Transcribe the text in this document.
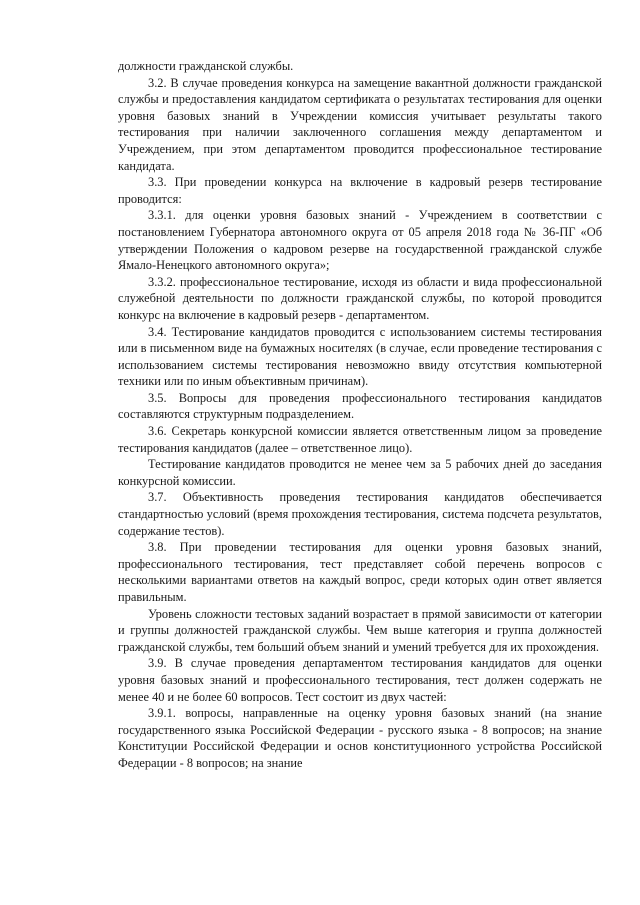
должности гражданской службы.

3.2. В случае проведения конкурса на замещение вакантной должности гражданской службы и предоставления кандидатом сертификата о результатах тестирования для оценки уровня базовых знаний в Учреждении комиссия учитывает результаты такого тестирования при наличии заключенного соглашения между департаментом и Учреждением, при этом департаментом проводится профессиональное тестирование кандидата.

3.3. При проведении конкурса на включение в кадровый резерв тестирование проводится:

3.3.1. для оценки уровня базовых знаний - Учреждением в соответствии с постановлением Губернатора автономного округа от 05 апреля 2018 года № 36-ПГ «Об утверждении Положения о кадровом резерве на государственной гражданской службе Ямало-Ненецкого автономного округа»;

3.3.2. профессиональное тестирование, исходя из области и вида профессиональной служебной деятельности по должности гражданской службы, по которой проводится конкурс на включение в кадровый резерв - департаментом.

3.4. Тестирование кандидатов проводится с использованием системы тестирования или в письменном виде на бумажных носителях (в случае, если проведение тестирования с использованием системы тестирования невозможно ввиду отсутствия компьютерной техники или по иным объективным причинам).

3.5. Вопросы для проведения профессионального тестирования кандидатов составляются структурным подразделением.

3.6. Секретарь конкурсной комиссии является ответственным лицом за проведение тестирования кандидатов (далее – ответственное лицо).

Тестирование кандидатов проводится не менее чем за 5 рабочих дней до заседания конкурсной комиссии.

3.7. Объективность проведения тестирования кандидатов обеспечивается стандартностью условий (время прохождения тестирования, система подсчета результатов, содержание тестов).

3.8. При проведении тестирования для оценки уровня базовых знаний, профессионального тестирования, тест представляет собой перечень вопросов с несколькими вариантами ответов на каждый вопрос, среди которых один ответ является правильным.

Уровень сложности тестовых заданий возрастает в прямой зависимости от категории и группы должностей гражданской службы. Чем выше категория и группа должностей гражданской службы, тем больший объем знаний и умений требуется для их прохождения.

3.9. В случае проведения департаментом тестирования кандидатов для оценки уровня базовых знаний и профессионального тестирования, тест должен содержать не менее 40 и не более 60 вопросов. Тест состоит из двух частей:

3.9.1. вопросы, направленные на оценку уровня базовых знаний (на знание государственного языка Российской Федерации - русского языка - 8 вопросов; на знание Конституции Российской Федерации и основ конституционного устройства Российской Федерации - 8 вопросов; на знание
